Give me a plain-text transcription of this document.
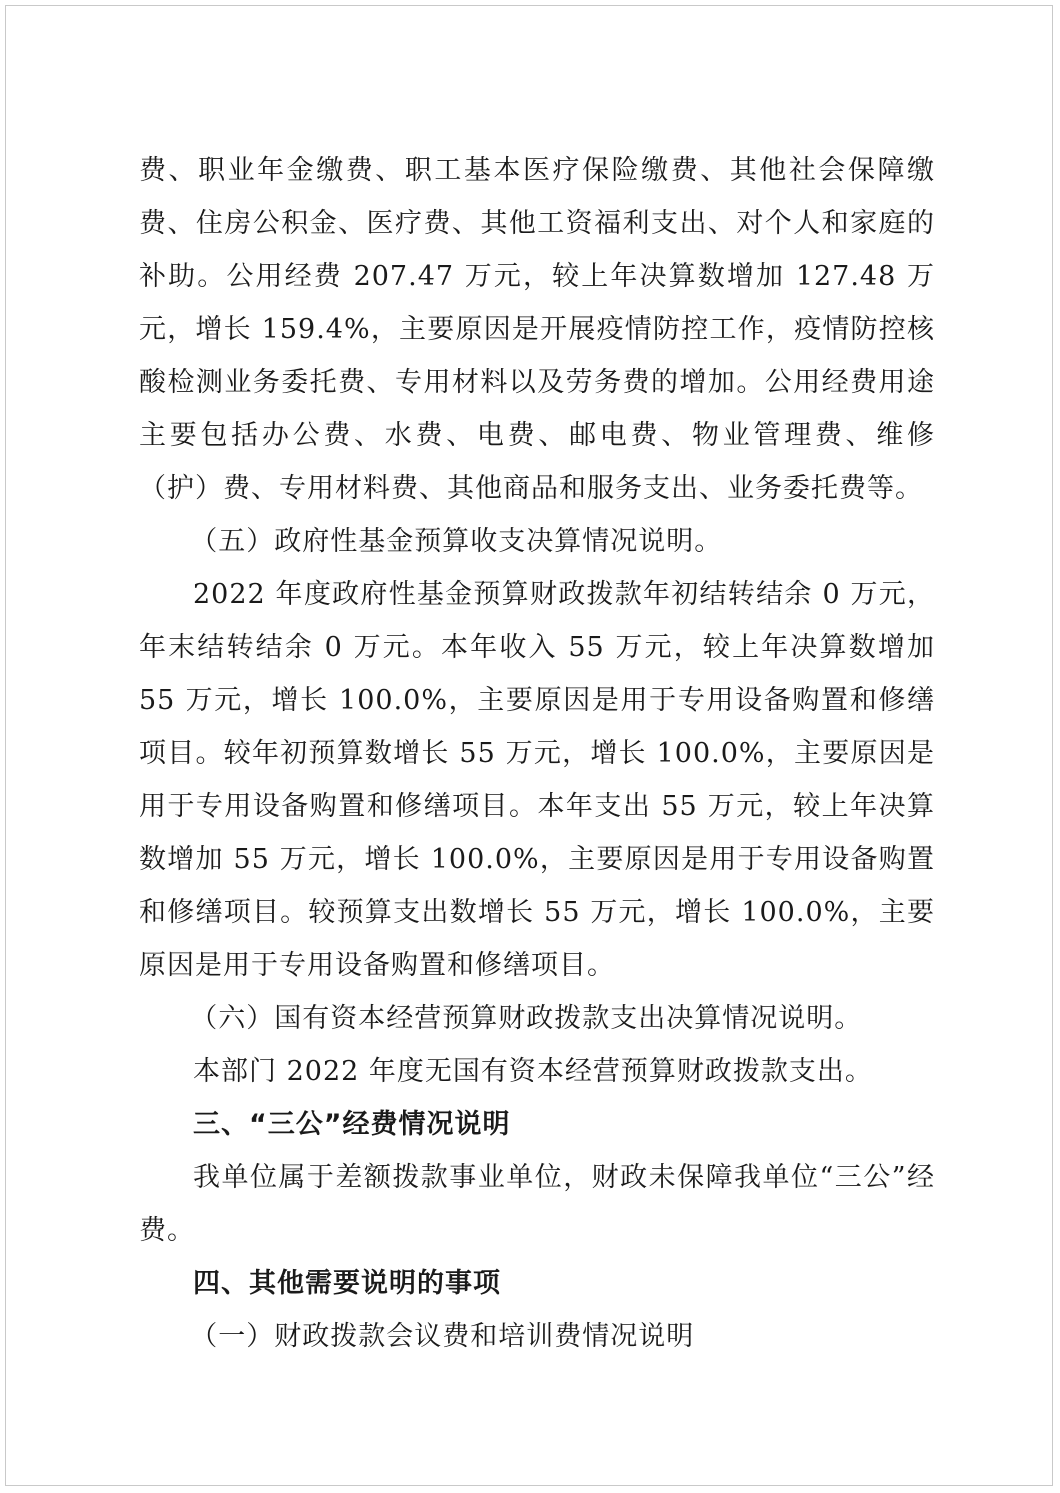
费、职业年金缴费、职工基本医疗保险缴费、其他社会保障缴费、住房公积金、医疗费、其他工资福利支出、对个人和家庭的补助。公用经费 207.47 万元，较上年决算数增加 127.48 万元，增长 159.4%，主要原因是开展疫情防控工作，疫情防控核酸检测业务委托费、专用材料以及劳务费的增加。公用经费用途主要包括办公费、水费、电费、邮电费、物业管理费、维修（护）费、专用材料费、其他商品和服务支出、业务委托费等。

（五）政府性基金预算收支决算情况说明。

2022 年度政府性基金预算财政拨款年初结转结余 0 万元，年末结转结余 0 万元。本年收入 55 万元，较上年决算数增加 55 万元，增长 100.0%，主要原因是用于专用设备购置和修缮项目。较年初预算数增长 55 万元，增长 100.0%，主要原因是用于专用设备购置和修缮项目。本年支出 55 万元，较上年决算数增加 55 万元，增长 100.0%，主要原因是用于专用设备购置和修缮项目。较预算支出数增长 55 万元，增长 100.0%，主要原因是用于专用设备购置和修缮项目。

（六）国有资本经营预算财政拨款支出决算情况说明。

本部门 2022 年度无国有资本经营预算财政拨款支出。

三、“三公”经费情况说明

我单位属于差额拨款事业单位，财政未保障我单位“三公”经费。

四、其他需要说明的事项

（一）财政拨款会议费和培训费情况说明
